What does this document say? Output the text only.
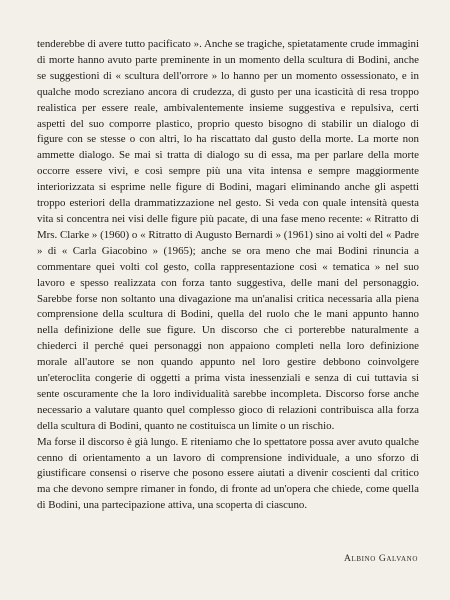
tenderebbe di avere tutto pacificato ». Anche se tragiche, spietatamente crude immagini di morte hanno avuto parte preminente in un momento della scultura di Bodini, anche se suggestioni di « scultura dell'orrore » lo hanno per un momento ossessionato, e in qualche modo screziano ancora di crudezza, di gusto per una icasticità di resa troppo realistica per essere reale, ambivalentemente insieme suggestiva e repulsiva, certi aspetti del suo comporre plastico, proprio questo bisogno di stabilir un dialogo di figure con se stesse o con altri, lo ha riscattato dal gusto della morte. La morte non ammette dialogo. Se mai si tratta di dialogo su di essa, ma per parlare della morte occorre essere vivi, e così sempre più una vita intensa e sempre maggiormente interiorizzata si esprime nelle figure di Bodini, magari eliminando anche gli aspetti troppo esteriori della drammatizzazione nel gesto. Si veda con quale intensità questa vita si concentra nei visi delle figure più pacate, di una fase meno recente: « Ritratto di Mrs. Clarke » (1960) o « Ritratto di Augusto Bernardi » (1961) sino ai volti del « Padre » di « Carla Giacobino » (1965); anche se ora meno che mai Bodini rinuncia a commentare quei volti col gesto, colla rappresentazione così « tematica » nel suo lavoro e spesso realizzata con forza tanto suggestiva, delle mani del personaggio. Sarebbe forse non soltanto una divagazione ma un'analisi critica necessaria alla piena comprensione della scultura di Bodini, quella del ruolo che le mani appunto hanno nella definizione delle sue figure. Un discorso che ci porterebbe naturalmente a chiederci il perché quei personaggi non appaiono completi nella loro definizione morale all'autore se non quando appunto nel loro gestire debbono coinvolgere un'eteroclita congerie di oggetti a prima vista inessenziali e senza di cui tuttavia si sente oscuramente che la loro individualità sarebbe incompleta. Discorso forse anche necessario a valutare quanto quel complesso gioco di relazioni contribuisca alla forza della scultura di Bodini, quanto ne costituisca un limite o un rischio.

Ma forse il discorso è già lungo. E riteniamo che lo spettatore possa aver avuto qualche cenno di orientamento a un lavoro di comprensione individuale, a uno sforzo di giustificare consensi o riserve che posono essere aiutati a divenir coscienti dal critico ma che devono sempre rimaner in fondo, di fronte ad un'opera che chiede, come quella di Bodini, una partecipazione attiva, una scoperta di ciascuno.

Albino Galvano
